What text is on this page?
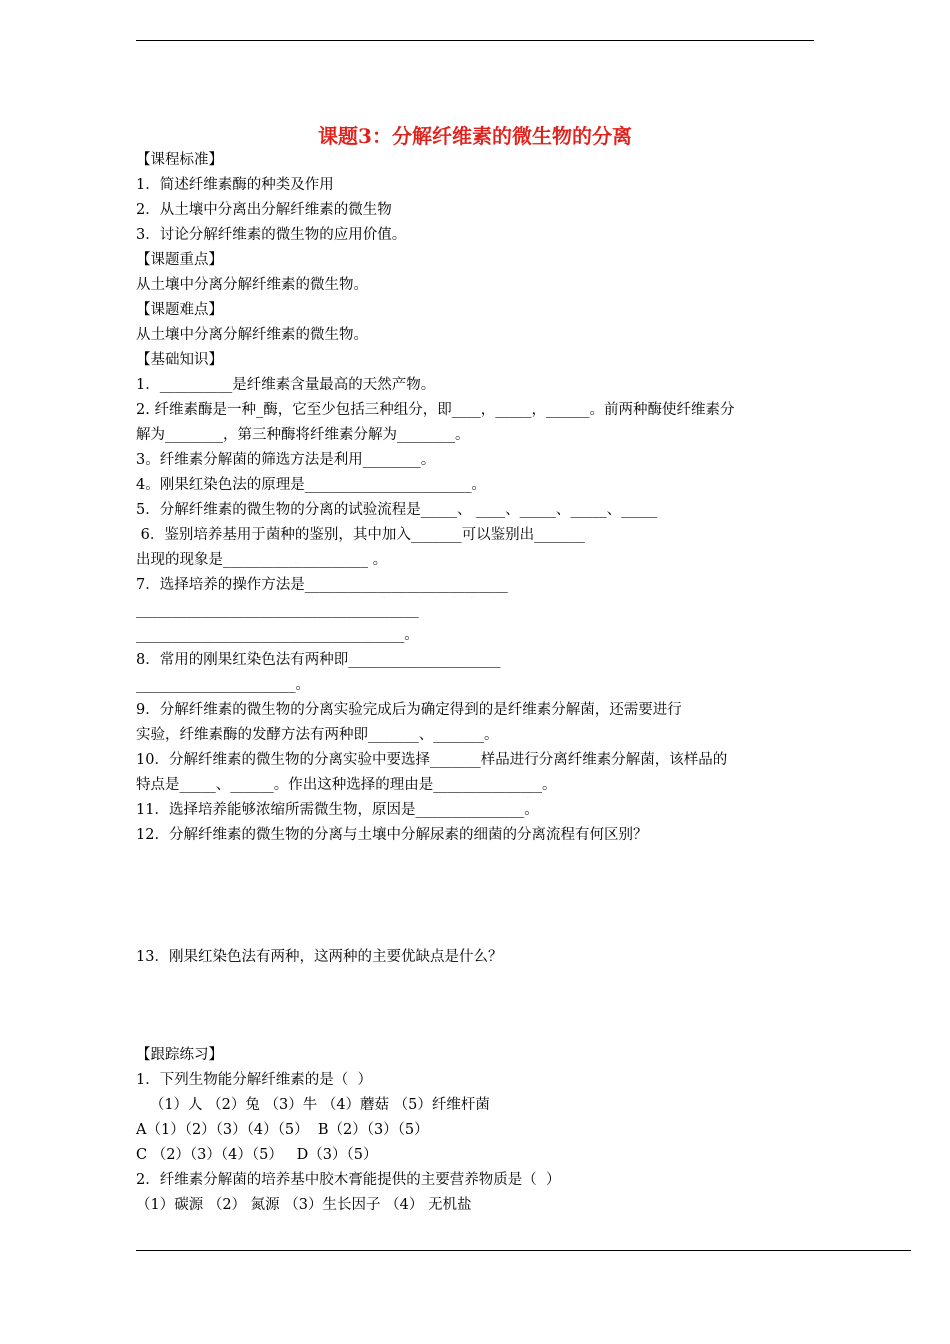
课题3：分解纤维素的微生物的分离
【课程标准】
1．简述纤维素酶的种类及作用
2．从土壤中分离出分解纤维素的微生物
3．讨论分解纤维素的微生物的应用价值。
【课题重点】
从土壤中分离分解纤维素的微生物。
【课题难点】
从土壤中分离分解纤维素的微生物。
【基础知识】
1．__________是纤维素含量最高的天然产物。
2. 纤维素酶是一种_酶，它至少包括三种组分，即____，_____，______。前两种酶使纤维素分
解为________，第三种酶将纤维素分解为________。
3。纤维素分解菌的筛选方法是利用________。
4。刚果红染色法的原理是_______________________。
5．分解纤维素的微生物的分离的试验流程是_____、 ____、_____、_____、_____
6．鉴别培养基用于菌种的鉴别，其中加入_______可以鉴别出_______
出现的现象是____________________ 。
7．选择培养的操作方法是____________________________
_______________________________________
_____________________________________。
8．常用的刚果红染色法有两种即_____________________
______________________。
9．分解纤维素的微生物的分离实验完成后为确定得到的是纤维素分解菌，还需要进行
实验，纤维素酶的发酵方法有两种即_______、_______。
10．分解纤维素的微生物的分离实验中要选择_______样品进行分离纤维素分解菌，该样品的
特点是_____、______。作出这种选择的理由是_______________。
11．选择培养能够浓缩所需微生物，原因是_______________。
12．分解纤维素的微生物的分离与土壤中分解尿素的细菌的分离流程有何区别？
13．刚果红染色法有两种，这两种的主要优缺点是什么？
【跟踪练习】
1．下列生物能分解纤维素的是（  ）
（1）人 （2）兔 （3）牛 （4）蘑菇 （5）纤维杆菌
A（1）（2）（3）（4）（5）  B（2）（3）（5）
C （2）（3）（4）（5）   D（3）（5）
2．纤维素分解菌的培养基中胶木膏能提供的主要营养物质是（  ）
（1）碳源 （2） 氮源 （3）生长因子 （4） 无机盐
